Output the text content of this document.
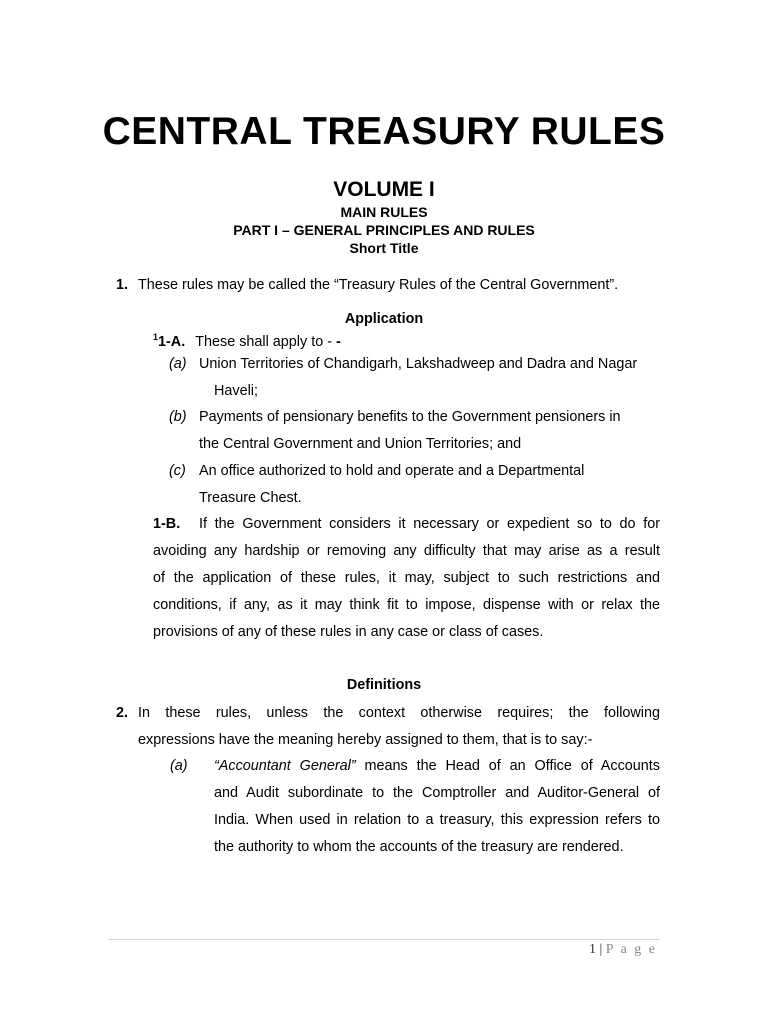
CENTRAL TREASURY RULES
VOLUME I
MAIN RULES
PART I – GENERAL PRINCIPLES AND RULES
Short Title
1. These rules may be called the “Treasury Rules of the Central Government”.
Application
$^1$1-A. These shall apply to - -
(a) Union Territories of Chandigarh, Lakshadweep and Dadra and Nagar
Haveli;
(b) Payments of pensionary benefits to the Government pensioners in
the Central Government and Union Territories; and
(c) An office authorized to hold and operate and a Departmental
Treasure Chest.
1-B. If the Government considers it necessary or expedient so to do for
avoiding any hardship or removing any difficulty that may arise as a result
of the application of these rules, it may, subject to such restrictions and
conditions, if any, as it may think fit to impose, dispense with or relax the
provisions of any of these rules in any case or class of cases.
Definitions
2. In these rules, unless the context otherwise requires; the following
expressions have the meaning hereby assigned to them, that is to say:-
(a) “Accountant General” means the Head of an Office of Accounts
and Audit subordinate to the Comptroller and Auditor-General of
India. When used in relation to a treasury, this expression refers to
the authority to whom the accounts of the treasury are rendered.
1 | P a g e
